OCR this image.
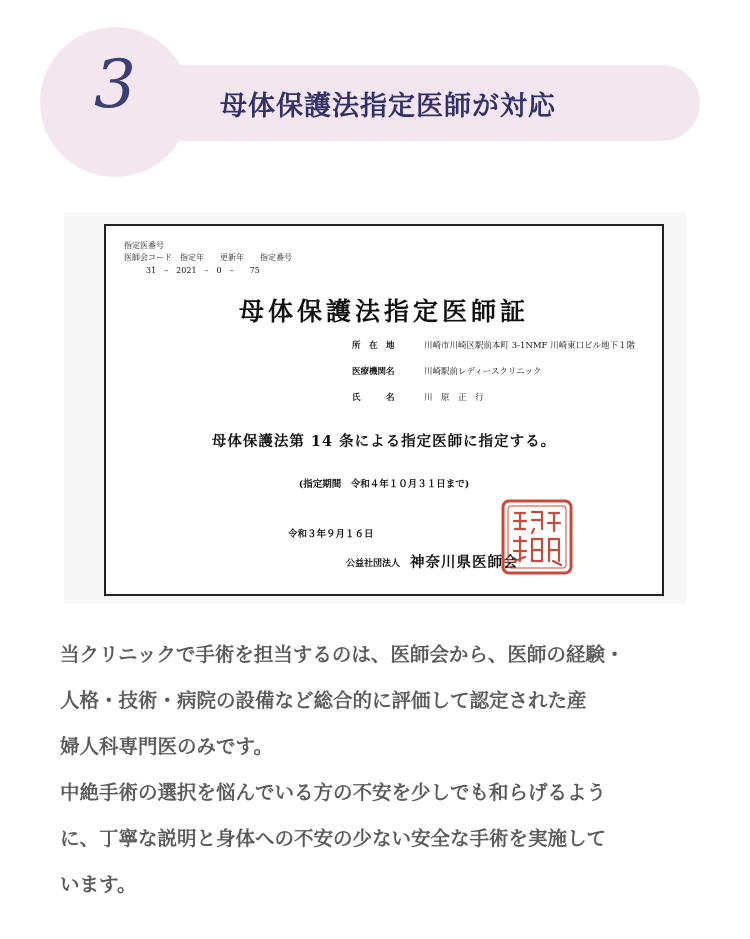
3	母体保護法指定医師が対応
指定医番号
医師会コード　指定年　　更新年　　指定番号
31　–　2021　–　0　–　　75
母体保護法指定医師証
所　在　地	川崎市川崎区駅前本町 3-1NMF 川崎東口ビル地下１階
医療機関名	川崎駅前レディースクリニック
氏　　　名	川　原　正　行
母体保護法第 14 条による指定医師に指定する。
(指定期間　令和４年１０月３１日まで)
令和３年９月１６日
公益社団法人 神奈川県医師会
当クリニックで手術を担当するのは、医師会から、医師の経験・
人格・技術・病院の設備など総合的に評価して認定された産
婦人科専門医のみです。
中絶手術の選択を悩んでいる方の不安を少しでも和らげるよう
に、丁寧な説明と身体への不安の少ない安全な手術を実施して
います。
